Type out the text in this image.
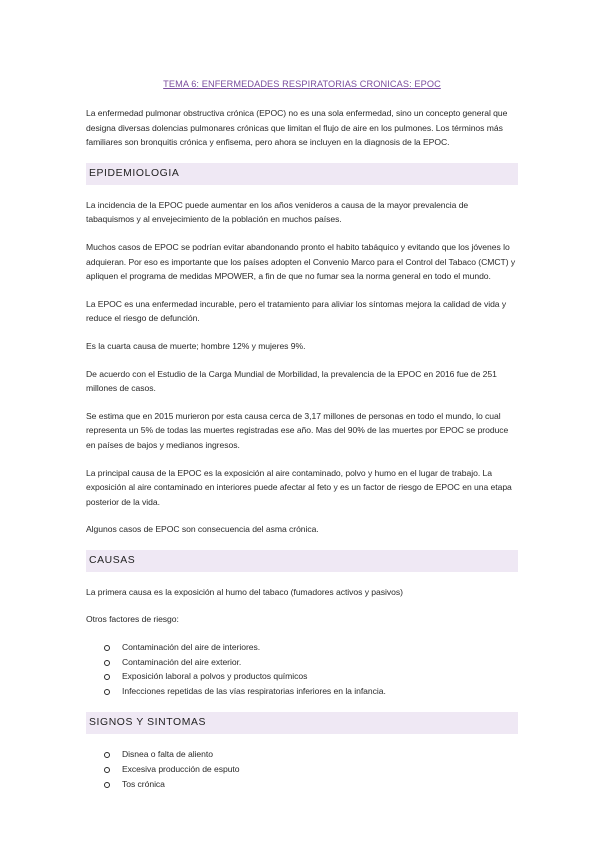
TEMA 6: ENFERMEDADES RESPIRATORIAS CRONICAS: EPOC

La enfermedad pulmonar obstructiva crónica (EPOC) no es una sola enfermedad, sino un concepto general que designa diversas dolencias pulmonares crónicas que limitan el flujo de aire en los pulmones. Los términos más familiares son bronquitis crónica y enfisema, pero ahora se incluyen en la diagnosis de la EPOC.

EPIDEMIOLOGIA

La incidencia de la EPOC puede aumentar en los años venideros a causa de la mayor prevalencia de tabaquismos y al envejecimiento de la población en muchos países.

Muchos casos de EPOC se podrían evitar abandonando pronto el habito tabáquico y evitando que los jóvenes lo adquieran. Por eso es importante que los países adopten el Convenio Marco para el Control del Tabaco (CMCT) y apliquen el programa de medidas MPOWER, a fin de que no fumar sea la norma general en todo el mundo.

La EPOC es una enfermedad incurable, pero el tratamiento para aliviar los síntomas mejora la calidad de vida y reduce el riesgo de defunción.

Es la cuarta causa de muerte; hombre 12% y mujeres 9%.

De acuerdo con el Estudio de la Carga Mundial de Morbilidad, la prevalencia de la EPOC en 2016 fue de 251 millones de casos.

Se estima que en 2015 murieron por esta causa cerca de 3,17 millones de personas en todo el mundo, lo cual representa un 5% de todas las muertes registradas ese año. Mas del 90% de las muertes por EPOC se produce en países de bajos y medianos ingresos.

La principal causa de la EPOC es la exposición al aire contaminado, polvo y humo en el lugar de trabajo. La exposición al aire contaminado en interiores puede afectar al feto y es un factor de riesgo de EPOC en una etapa posterior de la vida.

Algunos casos de EPOC son consecuencia del asma crónica.

CAUSAS

La primera causa es la exposición al humo del tabaco (fumadores activos y pasivos)

Otros factores de riesgo:

Contaminación del aire de interiores.
Contaminación del aire exterior.
Exposición laboral a polvos y productos químicos
Infecciones repetidas de las vías respiratorias inferiores en la infancia.
SIGNOS Y SINTOMAS
Disnea o falta de aliento
Excesiva producción de esputo
Tos crónica
